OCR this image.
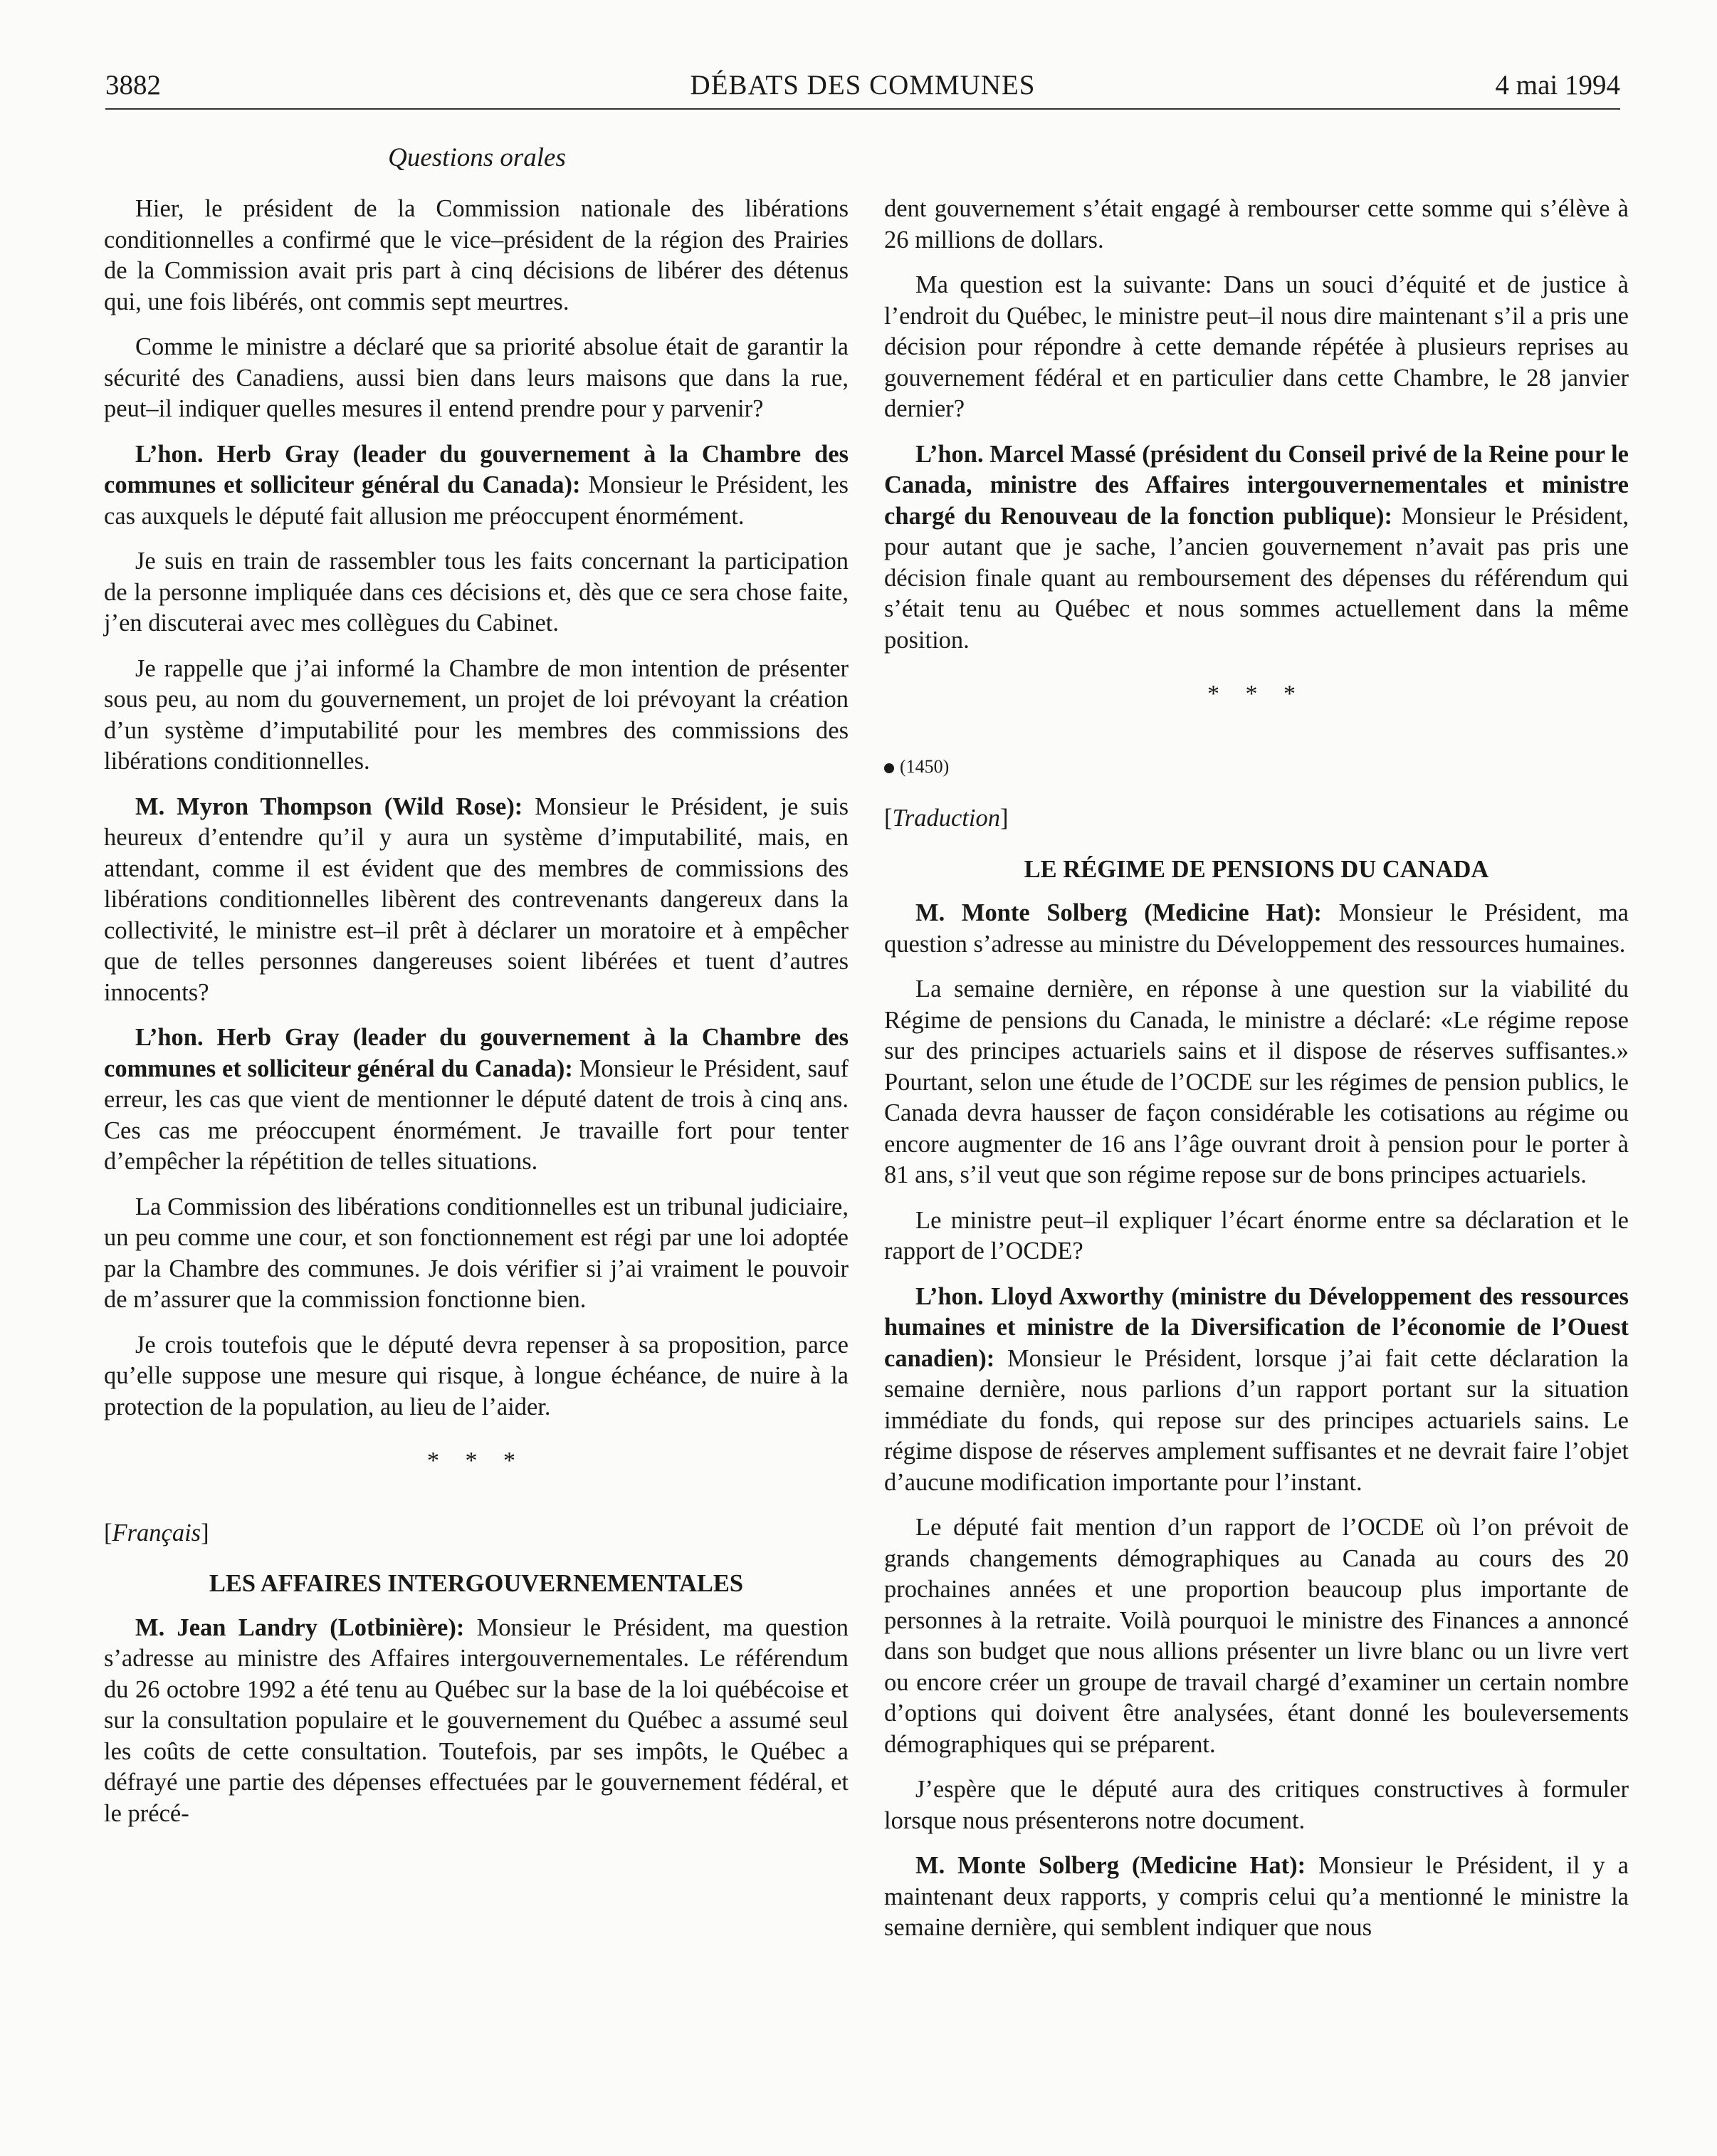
3882	DÉBATS DES COMMUNES	4 mai 1994
Questions orales

Hier, le président de la Commission nationale des libérations conditionnelles a confirmé que le vice–président de la région des Prairies de la Commission avait pris part à cinq décisions de libérer des détenus qui, une fois libérés, ont commis sept meurtres.

Comme le ministre a déclaré que sa priorité absolue était de garantir la sécurité des Canadiens, aussi bien dans leurs maisons que dans la rue, peut–il indiquer quelles mesures il entend prendre pour y parvenir?

L’hon. Herb Gray (leader du gouvernement à la Chambre des communes et solliciteur général du Canada): Monsieur le Président, les cas auxquels le député fait allusion me préoccupent énormément.

Je suis en train de rassembler tous les faits concernant la participation de la personne impliquée dans ces décisions et, dès que ce sera chose faite, j’en discuterai avec mes collègues du Cabinet.

Je rappelle que j’ai informé la Chambre de mon intention de présenter sous peu, au nom du gouvernement, un projet de loi prévoyant la création d’un système d’imputabilité pour les membres des commissions des libérations conditionnelles.

M. Myron Thompson (Wild Rose): Monsieur le Président, je suis heureux d’entendre qu’il y aura un système d’imputabilité, mais, en attendant, comme il est évident que des membres de commissions des libérations conditionnelles libèrent des contrevenants dangereux dans la collectivité, le ministre est–il prêt à déclarer un moratoire et à empêcher que de telles personnes dangereuses soient libérées et tuent d’autres innocents?

L’hon. Herb Gray (leader du gouvernement à la Chambre des communes et solliciteur général du Canada): Monsieur le Président, sauf erreur, les cas que vient de mentionner le député datent de trois à cinq ans. Ces cas me préoccupent énormément. Je travaille fort pour tenter d’empêcher la répétition de telles situations.

La Commission des libérations conditionnelles est un tribunal judiciaire, un peu comme une cour, et son fonctionnement est régi par une loi adoptée par la Chambre des communes. Je dois vérifier si j’ai vraiment le pouvoir de m’assurer que la commission fonctionne bien.

Je crois toutefois que le député devra repenser à sa proposition, parce qu’elle suppose une mesure qui risque, à longue échéance, de nuire à la protection de la population, au lieu de l’aider.

* * *
[Français]
LES AFFAIRES INTERGOUVERNEMENTALES

M. Jean Landry (Lotbinière): Monsieur le Président, ma question s’adresse au ministre des Affaires intergouvernementales. Le référendum du 26 octobre 1992 a été tenu au Québec sur la base de la loi québécoise et sur la consultation populaire et le gouvernement du Québec a assumé seul les coûts de cette consultation. Toutefois, par ses impôts, le Québec a défrayé une partie des dépenses effectuées par le gouvernement fédéral, et le précé-

dent gouvernement s’était engagé à rembourser cette somme qui s’élève à 26 millions de dollars.

Ma question est la suivante: Dans un souci d’équité et de justice à l’endroit du Québec, le ministre peut–il nous dire maintenant s’il a pris une décision pour répondre à cette demande répétée à plusieurs reprises au gouvernement fédéral et en particulier dans cette Chambre, le 28 janvier dernier?

L’hon. Marcel Massé (président du Conseil privé de la Reine pour le Canada, ministre des Affaires intergouvernementales et ministre chargé du Renouveau de la fonction publique): Monsieur le Président, pour autant que je sache, l’ancien gouvernement n’avait pas pris une décision finale quant au remboursement des dépenses du référendum qui s’était tenu au Québec et nous sommes actuellement dans la même position.

* * *
(1450)
[Traduction]
LE RÉGIME DE PENSIONS DU CANADA

M. Monte Solberg (Medicine Hat): Monsieur le Président, ma question s’adresse au ministre du Développement des ressources humaines.

La semaine dernière, en réponse à une question sur la viabilité du Régime de pensions du Canada, le ministre a déclaré: «Le régime repose sur des principes actuariels sains et il dispose de réserves suffisantes.» Pourtant, selon une étude de l’OCDE sur les régimes de pension publics, le Canada devra hausser de façon considérable les cotisations au régime ou encore augmenter de 16 ans l’âge ouvrant droit à pension pour le porter à 81 ans, s’il veut que son régime repose sur de bons principes actuariels.

Le ministre peut–il expliquer l’écart énorme entre sa déclaration et le rapport de l’OCDE?

L’hon. Lloyd Axworthy (ministre du Développement des ressources humaines et ministre de la Diversification de l’économie de l’Ouest canadien): Monsieur le Président, lorsque j’ai fait cette déclaration la semaine dernière, nous parlions d’un rapport portant sur la situation immédiate du fonds, qui repose sur des principes actuariels sains. Le régime dispose de réserves amplement suffisantes et ne devrait faire l’objet d’aucune modification importante pour l’instant.

Le député fait mention d’un rapport de l’OCDE où l’on prévoit de grands changements démographiques au Canada au cours des 20 prochaines années et une proportion beaucoup plus importante de personnes à la retraite. Voilà pourquoi le ministre des Finances a annoncé dans son budget que nous allions présenter un livre blanc ou un livre vert ou encore créer un groupe de travail chargé d’examiner un certain nombre d’options qui doivent être analysées, étant donné les bouleversements démographiques qui se préparent.

J’espère que le député aura des critiques constructives à formuler lorsque nous présenterons notre document.

M. Monte Solberg (Medicine Hat): Monsieur le Président, il y a maintenant deux rapports, y compris celui qu’a mentionné le ministre la semaine dernière, qui semblent indiquer que nous
